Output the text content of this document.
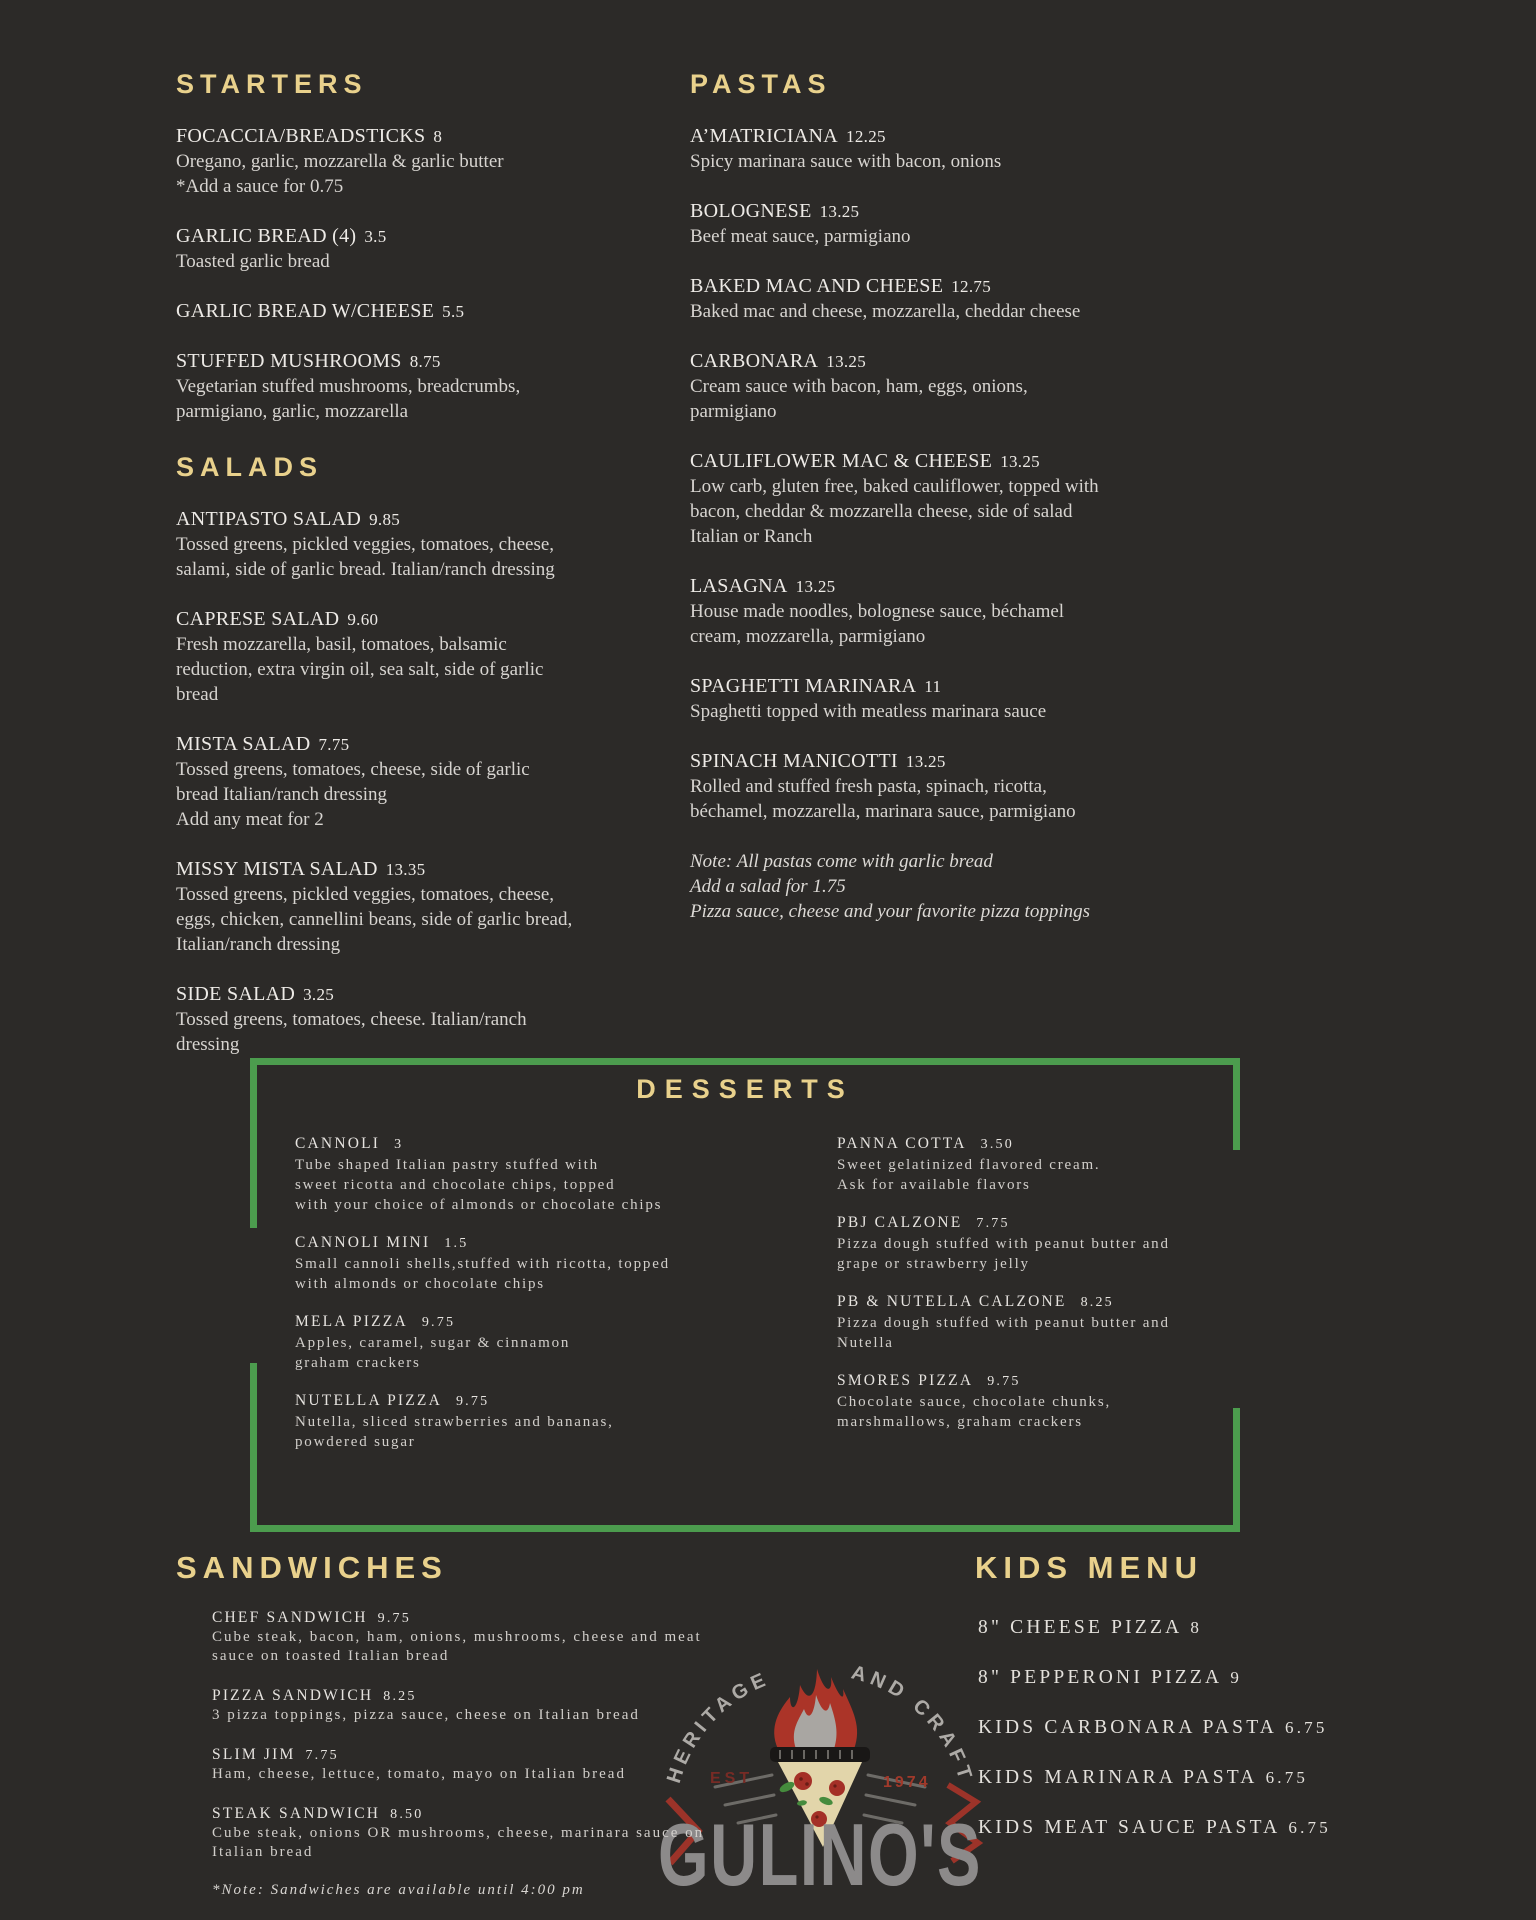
STARTERS
FOCACCIA/BREADSTICKS 8
Oregano, garlic, mozzarella & garlic butter
*Add a sauce for 0.75
GARLIC BREAD (4) 3.5
Toasted garlic bread
GARLIC BREAD W/CHEESE 5.5
STUFFED MUSHROOMS 8.75
Vegetarian stuffed mushrooms, breadcrumbs,
parmigiano, garlic, mozzarella
SALADS
ANTIPASTO SALAD 9.85
Tossed greens, pickled veggies, tomatoes, cheese,
salami, side of garlic bread. Italian/ranch dressing
CAPRESE SALAD 9.60
Fresh mozzarella, basil, tomatoes, balsamic
reduction, extra virgin oil, sea salt, side of garlic
bread
MISTA SALAD 7.75
Tossed greens, tomatoes, cheese, side of garlic
bread Italian/ranch dressing
Add any meat for 2
MISSY MISTA SALAD 13.35
Tossed greens, pickled veggies, tomatoes, cheese,
eggs, chicken, cannellini beans, side of garlic bread,
Italian/ranch dressing
SIDE SALAD 3.25
Tossed greens, tomatoes, cheese. Italian/ranch
dressing
PASTAS
A’MATRICIANA 12.25
Spicy marinara sauce with bacon, onions
BOLOGNESE 13.25
Beef meat sauce, parmigiano
BAKED MAC AND CHEESE 12.75
Baked mac and cheese, mozzarella, cheddar cheese
CARBONARA 13.25
Cream sauce with bacon, ham, eggs, onions,
parmigiano
CAULIFLOWER MAC & CHEESE 13.25
Low carb, gluten free, baked cauliflower, topped with
bacon, cheddar & mozzarella cheese, side of salad
Italian or Ranch
LASAGNA 13.25
House made noodles, bolognese sauce, béchamel
cream, mozzarella, parmigiano
SPAGHETTI MARINARA 11
Spaghetti topped with meatless marinara sauce
SPINACH MANICOTTI 13.25
Rolled and stuffed fresh pasta, spinach, ricotta,
béchamel, mozzarella, marinara sauce, parmigiano
Note: All pastas come with garlic bread
Add a salad for 1.75
Pizza sauce, cheese and your favorite pizza toppings
DESSERTS
CANNOLI 3
Tube shaped Italian pastry stuffed with
sweet ricotta and chocolate chips, topped
with your choice of almonds or chocolate chips
CANNOLI MINI 1.5
Small cannoli shells,stuffed with ricotta, topped
with almonds or chocolate chips
MELA PIZZA 9.75
Apples, caramel, sugar & cinnamon
graham crackers
NUTELLA PIZZA 9.75
Nutella, sliced strawberries and bananas,
powdered sugar
PANNA COTTA 3.50
Sweet gelatinized flavored cream.
Ask for available flavors
PBJ CALZONE 7.75
Pizza dough stuffed with peanut butter and
grape or strawberry jelly
PB & NUTELLA CALZONE 8.25
Pizza dough stuffed with peanut butter and
Nutella
SMORES PIZZA 9.75
Chocolate sauce, chocolate chunks,
marshmallows, graham crackers
SANDWICHES
CHEF SANDWICH 9.75
Cube steak, bacon, ham, onions, mushrooms, cheese and meat
sauce on toasted Italian bread
PIZZA SANDWICH 8.25
3 pizza toppings, pizza sauce, cheese on Italian bread
SLIM JIM 7.75
Ham, cheese, lettuce, tomato, mayo on Italian bread
STEAK SANDWICH 8.50
Cube steak, onions OR mushrooms, cheese, marinara sauce on
Italian bread
*Note: Sandwiches are available until 4:00 pm
KIDS MENU
8" CHEESE PIZZA 8
8" PEPPERONI PIZZA 9
KIDS CARBONARA PASTA 6.75
KIDS MARINARA PASTA 6.75
KIDS MEAT SAUCE PASTA 6.75
HERITAGE	AND CRAFT
EST	1974
GULINO'S
